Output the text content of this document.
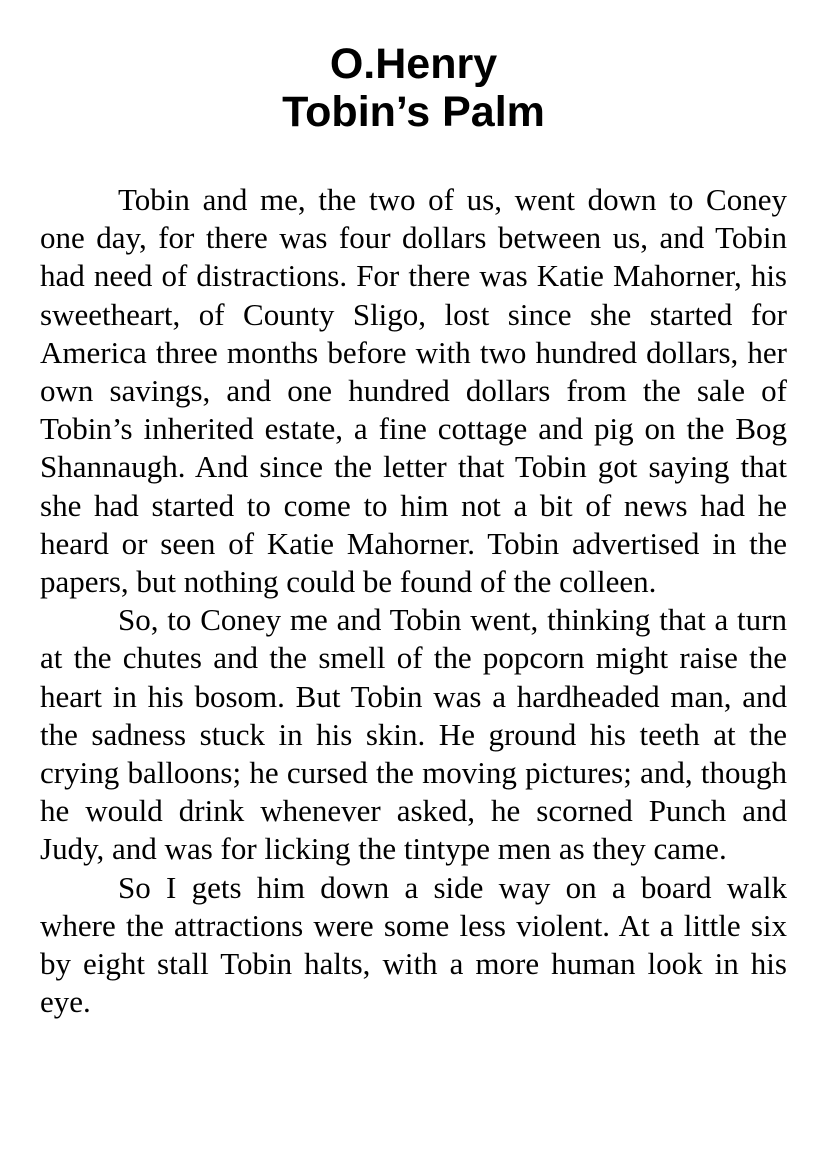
O.Henry
Tobin’s Palm

Tobin and me, the two of us, went down to Coney one day, for there was four dollars between us, and Tobin had need of distractions. For there was Katie Mahorner, his sweetheart, of County Sligo, lost since she started for America three months before with two hundred dollars, her own savings, and one hundred dollars from the sale of Tobin’s inherited estate, a fine cottage and pig on the Bog Shannaugh. And since the letter that Tobin got saying that she had started to come to him not a bit of news had he heard or seen of Katie Mahorner. Tobin advertised in the papers, but nothing could be found of the colleen.

So, to Coney me and Tobin went, thinking that a turn at the chutes and the smell of the popcorn might raise the heart in his bosom. But Tobin was a hardheaded man, and the sadness stuck in his skin. He ground his teeth at the crying balloons; he cursed the moving pictures; and, though he would drink whenever asked, he scorned Punch and Judy, and was for licking the tintype men as they came.

So I gets him down a side way on a board walk where the attractions were some less violent. At a little six by eight stall Tobin halts, with a more human look in his eye.
